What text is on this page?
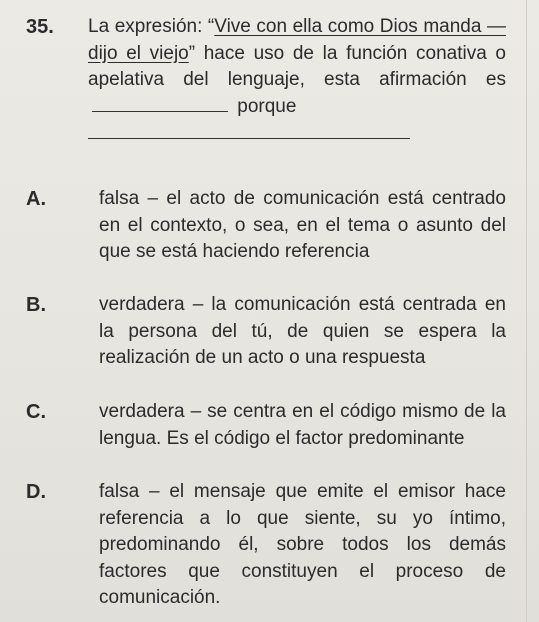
35. La expresión: “Vive con ella como Dios manda —dijo el viejo” hace uso de la función conativa o apelativa del lenguaje, esta afirmación es  porque

A.	falsa – el acto de comunicación está centrado en el contexto, o sea, en el tema o asunto del que se está haciendo referencia

B.	verdadera – la comunicación está centrada en la persona del tú, de quien se espera la realización de un acto o una respuesta

C.	verdadera – se centra en el código mismo de la lengua. Es el código el factor predominante

D.	falsa – el mensaje que emite el emisor hace referencia a lo que siente, su yo íntimo, predominando él, sobre todos los demás factores que constituyen el proceso de comunicación.
